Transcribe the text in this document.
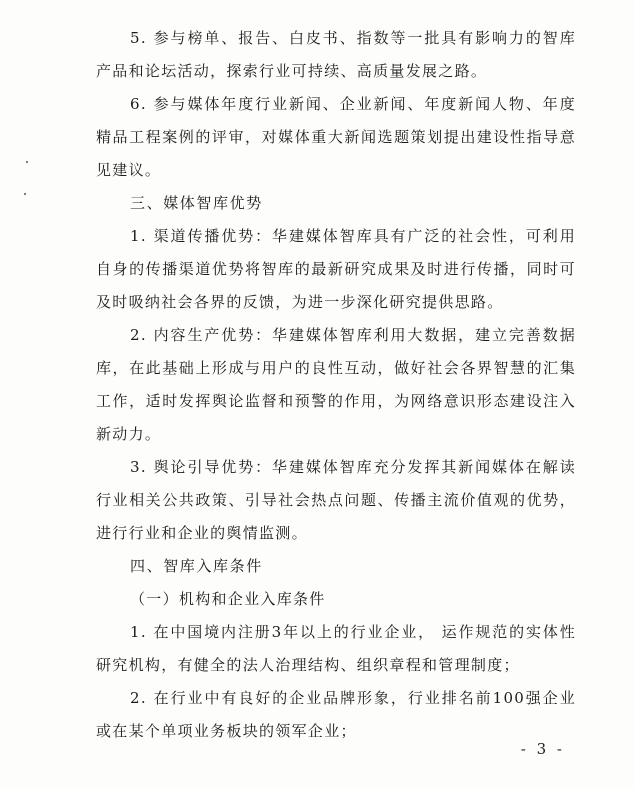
5. 参与榜单、报告、白皮书、指数等一批具有影响力的智库产品和论坛活动，探索行业可持续、高质量发展之路。

6. 参与媒体年度行业新闻、企业新闻、年度新闻人物、年度精品工程案例的评审，对媒体重大新闻选题策划提出建设性指导意见建议。

三、媒体智库优势

1. 渠道传播优势：华建媒体智库具有广泛的社会性，可利用自身的传播渠道优势将智库的最新研究成果及时进行传播，同时可及时吸纳社会各界的反馈，为进一步深化研究提供思路。

2. 内容生产优势：华建媒体智库利用大数据，建立完善数据库，在此基础上形成与用户的良性互动，做好社会各界智慧的汇集工作，适时发挥舆论监督和预警的作用，为网络意识形态建设注入新动力。

3. 舆论引导优势：华建媒体智库充分发挥其新闻媒体在解读行业相关公共政策、引导社会热点问题、传播主流价值观的优势，进行行业和企业的舆情监测。

四、智库入库条件

（一）机构和企业入库条件

1. 在中国境内注册3年以上的行业企业， 运作规范的实体性研究机构，有健全的法人治理结构、组织章程和管理制度；

2. 在行业中有良好的企业品牌形象，行业排名前100强企业或在某个单项业务板块的领军企业；

- 3 -
